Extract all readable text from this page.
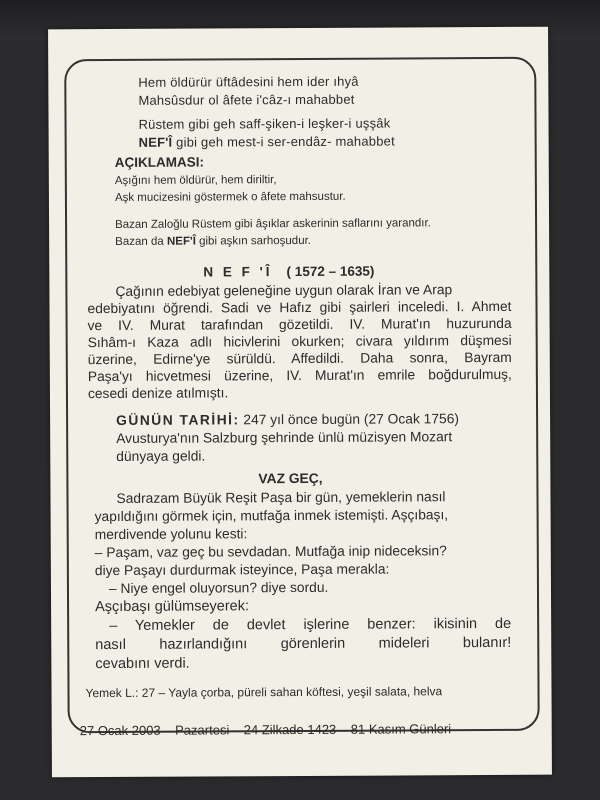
Hem öldürür üftâdesini hem ider ıhyâ
Mahsûsdur ol âfete i'câz-ı mahabbet
Rüstem gibi geh saff-şiken-i leşker-i uşşâk
NEF'Î gibi geh mest-i ser-endâz- mahabbet
AÇIKLAMASI:
Aşığını hem öldürür, hem diriltir,
Aşk mucizesini göstermek o âfete mahsustur.
Bazan Zaloğlu Rüstem gibi âşıklar askerinin saflarını yarandır.
Bazan da NEF'Î gibi aşkın sarhoşudur.
N E F 'Î ( 1572 – 1635)
Çağının edebiyat geleneğine uygun olarak İran ve Arap
edebiyatını öğrendi. Sadi ve Hafız gibi şairleri inceledi. I. Ahmet
ve IV. Murat tarafından gözetildi. IV. Murat'ın huzurunda
Sıhâm-ı Kaza adlı hicivlerini okurken; civara yıldırım düşmesi
üzerine, Edirne'ye sürüldü. Affedildi. Daha sonra, Bayram
Paşa'yı hicvetmesi üzerine, IV. Murat'ın emrile boğdurulmuş,
cesedi denize atılmıştı.
GÜNÜN TARİHİ: 247 yıl önce bugün (27 Ocak 1756)
Avusturya'nın Salzburg şehrinde ünlü müzisyen Mozart
dünyaya geldi.
VAZ GEÇ,
Sadrazam Büyük Reşit Paşa bir gün, yemeklerin nasıl
yapıldığını görmek için, mutfağa inmek istemişti. Aşçıbaşı,
merdivende yolunu kesti:
– Paşam, vaz geç bu sevdadan. Mutfağa inip nideceksin?
diye Paşayı durdurmak isteyince, Paşa merakla:
– Niye engel oluyorsun? diye sordu.
Aşçıbaşı gülümseyerek:
– Yemekler de devlet işlerine benzer: ikisinin de
nasıl hazırlandığını görenlerin mideleri bulanır!
cevabını verdi.
Yemek L.: 27 – Yayla çorba, püreli sahan köftesi, yeşil salata, helva
27 Ocak 2003 – Pazartesi – 24 Zilkade 1423 – 81 Kasım Günleri
